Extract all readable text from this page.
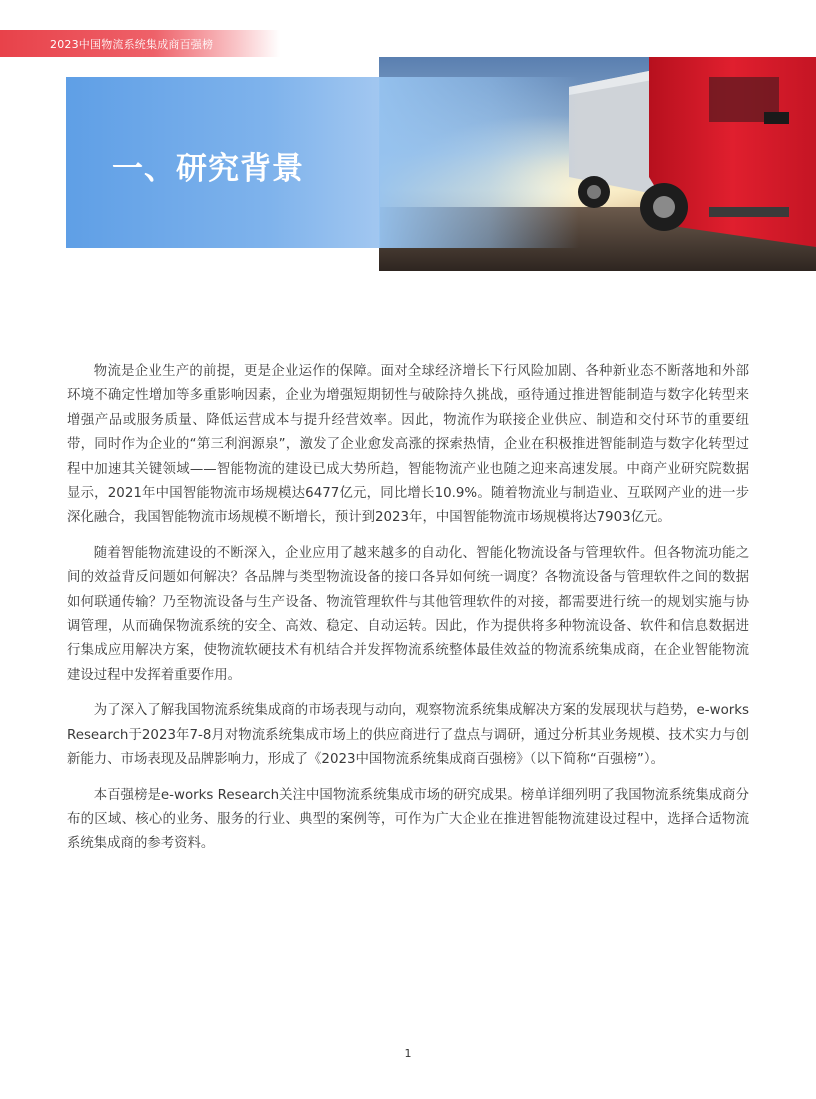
2023中国物流系统集成商百强榜
一、研究背景

物流是企业生产的前提，更是企业运作的保障。面对全球经济增长下行风险加剧、各种新业态不断落地和外部环境不确定性增加等多重影响因素，企业为增强短期韧性与破除持久挑战，亟待通过推进智能制造与数字化转型来增强产品或服务质量、降低运营成本与提升经营效率。因此，物流作为联接企业供应、制造和交付环节的重要纽带，同时作为企业的“第三利润源泉”，激发了企业愈发高涨的探索热情，企业在积极推进智能制造与数字化转型过程中加速其关键领域——智能物流的建设已成大势所趋，智能物流产业也随之迎来高速发展。中商产业研究院数据显示，2021年中国智能物流市场规模达6477亿元，同比增长10.9%。随着物流业与制造业、互联网产业的进一步深化融合，我国智能物流市场规模不断增长，预计到2023年，中国智能物流市场规模将达7903亿元。

随着智能物流建设的不断深入，企业应用了越来越多的自动化、智能化物流设备与管理软件。但各物流功能之间的效益背反问题如何解决？各品牌与类型物流设备的接口各异如何统一调度？各物流设备与管理软件之间的数据如何联通传输？乃至物流设备与生产设备、物流管理软件与其他管理软件的对接，都需要进行统一的规划实施与协调管理，从而确保物流系统的安全、高效、稳定、自动运转。因此，作为提供将多种物流设备、软件和信息数据进行集成应用解决方案，使物流软硬技术有机结合并发挥物流系统整体最佳效益的物流系统集成商，在企业智能物流建设过程中发挥着重要作用。

为了深入了解我国物流系统集成商的市场表现与动向，观察物流系统集成解决方案的发展现状与趋势，e-works Research于2023年7-8月对物流系统集成市场上的供应商进行了盘点与调研，通过分析其业务规模、技术实力与创新能力、市场表现及品牌影响力，形成了《2023中国物流系统集成商百强榜》（以下简称“百强榜”）。

本百强榜是e-works Research关注中国物流系统集成市场的研究成果。榜单详细列明了我国物流系统集成商分布的区域、核心的业务、服务的行业、典型的案例等，可作为广大企业在推进智能物流建设过程中，选择合适物流系统集成商的参考资料。

1
